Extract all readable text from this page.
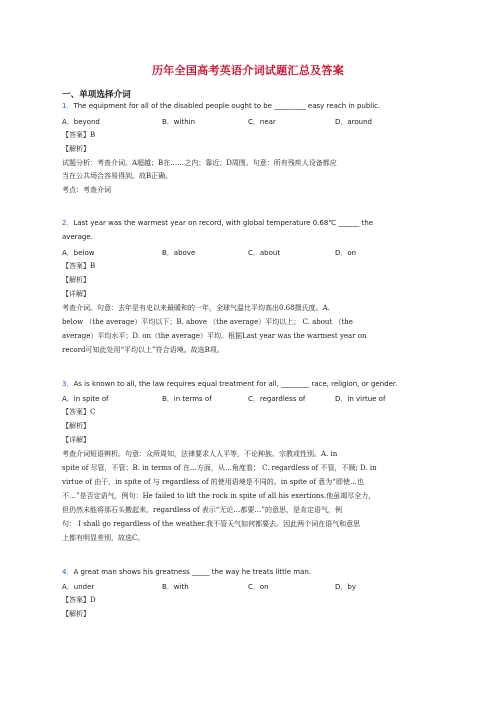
历年全国高考英语介词试题汇总及答案
一、单项选择介词
1．The equipment for all of the disabled people ought to be _________ easy reach in public.
A．beyond	B．within	C．near	D．around
【答案】B
【解析】
试题分析：考查介词。A超越；B在……之内；靠近；D周围。句意：所有残疾人设备都应
当在公共场合容易得到。故B正确。
考点：考查介词
2．Last year was the warmest year on record, with global temperature 0.68℃ ______ the
average.
A．below	B．above	C．about	D．on
【答案】B
【解析】
【详解】
考查介词。句意：去年是有史以来最暖和的一年，全球气温比平均高出0.68摄氏度。A.
below （the average）平均以下；B. above （the average）平均以上； C. about （the
average）平均水平；D. on（the average）平均。根据Last year was the warmest year on
record可知此处用“平均以上”符合语境。故选B项。
3．As is known to all, the law requires equal treatment for all, ________ race, religion, or gender.
A．in spite of	B．in terms of	C．regardless of	D．in virtue of
【答案】C
【解析】
【详解】
考查介词短语辨析。句意：众所周知，法律要求人人平等，不论种族、宗教或性别。A. in
spite of 尽管，不管；B. in terms of 在…方面，从…角度看； C. regardless of 不管，不顾; D. in
virtue of 由于，in spite of 与 regardless of 的使用语境是不同的。in spite of 意为“即使…也
不…”是否定语气，例句：He failed to lift the rock in spite of all his exertions.他虽竭尽全力，
但仍然未能将那石头搬起来。regardless of 表示“无论…都要…”的意思，是肯定语气，例
句： I shall go regardless of the weather.我不管天气如何都要去。因此两个词在语气和意思
上都有明显差别，故选C。
4．A great man shows his greatness _____ the way he treats little man.
A．under	B．with	C．on	D．by
【答案】D
【解析】
